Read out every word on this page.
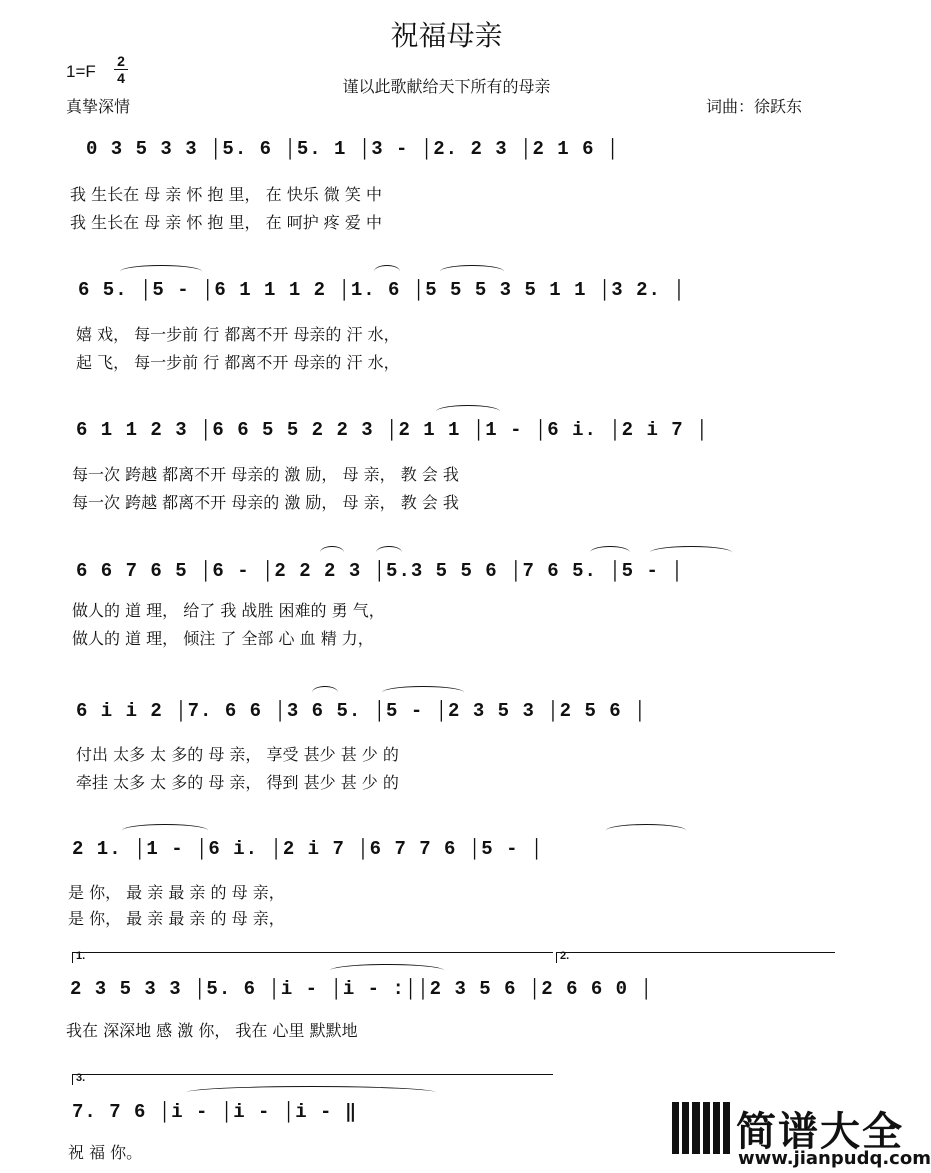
祝福母亲
1=F
2
4	谨以此歌献给天下所有的母亲
真挚深情	词曲：徐跃东
0 3 5 3 3 │5. 6 │5. 1 │3 - │2. 2 3 │2 1 6 │
我 生长在 母 亲 怀 抱 里， 在 快乐 微 笑 中
我 生长在 母 亲 怀 抱 里， 在 呵护 疼 爱 中
6 5. │5 - │6 1 1 1 2 │1. 6 │5 5 5 3 5 1 1 │3 2. │
嬉 戏， 每一步前 行 都离不开 母亲的 汗 水，
起 飞， 每一步前 行 都离不开 母亲的 汗 水，
6 1 1 2 3 │6 6 5 5 2 2 3 │2 1 1 │1 - │6 i. │2 i 7 │
每一次 跨越 都离不开 母亲的 激 励， 母 亲， 教 会 我
每一次 跨越 都离不开 母亲的 激 励， 母 亲， 教 会 我
6 6 7 6 5 │6 - │2 2 2 3 │5.3 5 5 6 │7 6 5. │5 - │
做人的 道 理， 给了 我 战胜 困难的 勇 气，
做人的 道 理， 倾注 了 全部 心 血 精 力，
6 i i 2 │7. 6 6 │3 6 5. │5 - │2 3 5 3 │2 5 6 │
付出 太多 太 多的 母 亲， 享受 甚少 甚 少 的
牵挂 太多 太 多的 母 亲， 得到 甚少 甚 少 的
2 1. │1 - │6 i. │2 i 7 │6 7 7 6 │5 - │
是 你， 最 亲 最 亲 的 母 亲，
是 你， 最 亲 最 亲 的 母 亲，
1.	2.
2 3 5 3 3 │5. 6 │i - │i - :││2 3 5 6 │2 6 6 0 │
我在 深深地 感 激 你， 我在 心里 默默地
3.
7. 7 6 │i - │i - │i - ‖
祝 福 你。	简谱大全
www.jianpudq.com
